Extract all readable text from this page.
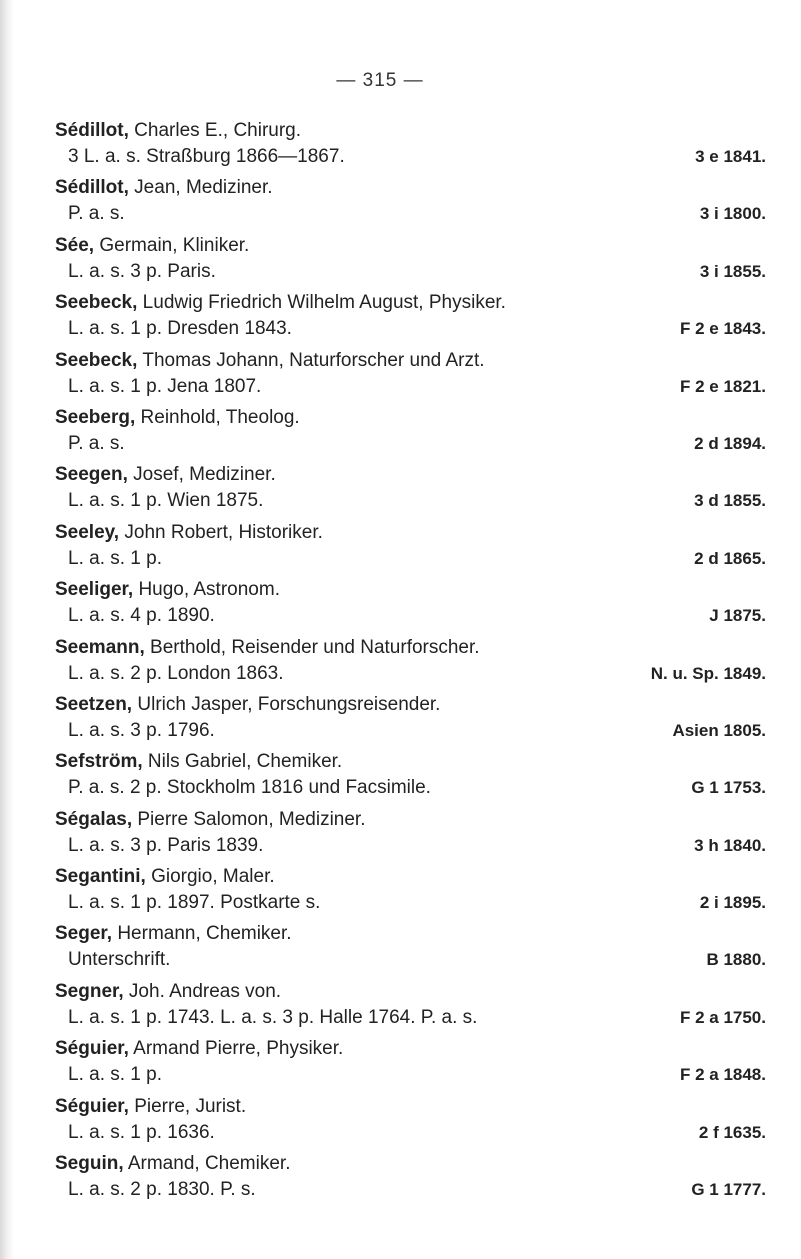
— 315 —
Sédillot, Charles E., Chirurg.
3 L. a. s. Straßburg 1866—1867.	3 e 1841.
Sédillot, Jean, Mediziner.
P. a. s.	3 i 1800.
Sée, Germain, Kliniker.
L. a. s. 3 p. Paris.	3 i 1855.
Seebeck, Ludwig Friedrich Wilhelm August, Physiker.
L. a. s. 1 p. Dresden 1843.	F 2 e 1843.
Seebeck, Thomas Johann, Naturforscher und Arzt.
L. a. s. 1 p. Jena 1807.	F 2 e 1821.
Seeberg, Reinhold, Theolog.
P. a. s.	2 d 1894.
Seegen, Josef, Mediziner.
L. a. s. 1 p. Wien 1875.	3 d 1855.
Seeley, John Robert, Historiker.
L. a. s. 1 p.	2 d 1865.
Seeliger, Hugo, Astronom.
L. a. s. 4 p. 1890.	J 1875.
Seemann, Berthold, Reisender und Naturforscher.
L. a. s. 2 p. London 1863.	N. u. Sp. 1849.
Seetzen, Ulrich Jasper, Forschungsreisender.
L. a. s. 3 p. 1796.	Asien 1805.
Sefström, Nils Gabriel, Chemiker.
P. a. s. 2 p. Stockholm 1816 und Facsimile.	G 1 1753.
Ségalas, Pierre Salomon, Mediziner.
L. a. s. 3 p. Paris 1839.	3 h 1840.
Segantini, Giorgio, Maler.
L. a. s. 1 p. 1897. Postkarte s.	2 i 1895.
Seger, Hermann, Chemiker.
Unterschrift.	B 1880.
Segner, Joh. Andreas von.
L. a. s. 1 p. 1743. L. a. s. 3 p. Halle 1764. P. a. s.	F 2 a 1750.
Séguier, Armand Pierre, Physiker.
L. a. s. 1 p.	F 2 a 1848.
Séguier, Pierre, Jurist.
L. a. s. 1 p. 1636.	2 f 1635.
Seguin, Armand, Chemiker.
L. a. s. 2 p. 1830. P. s.	G 1 1777.
